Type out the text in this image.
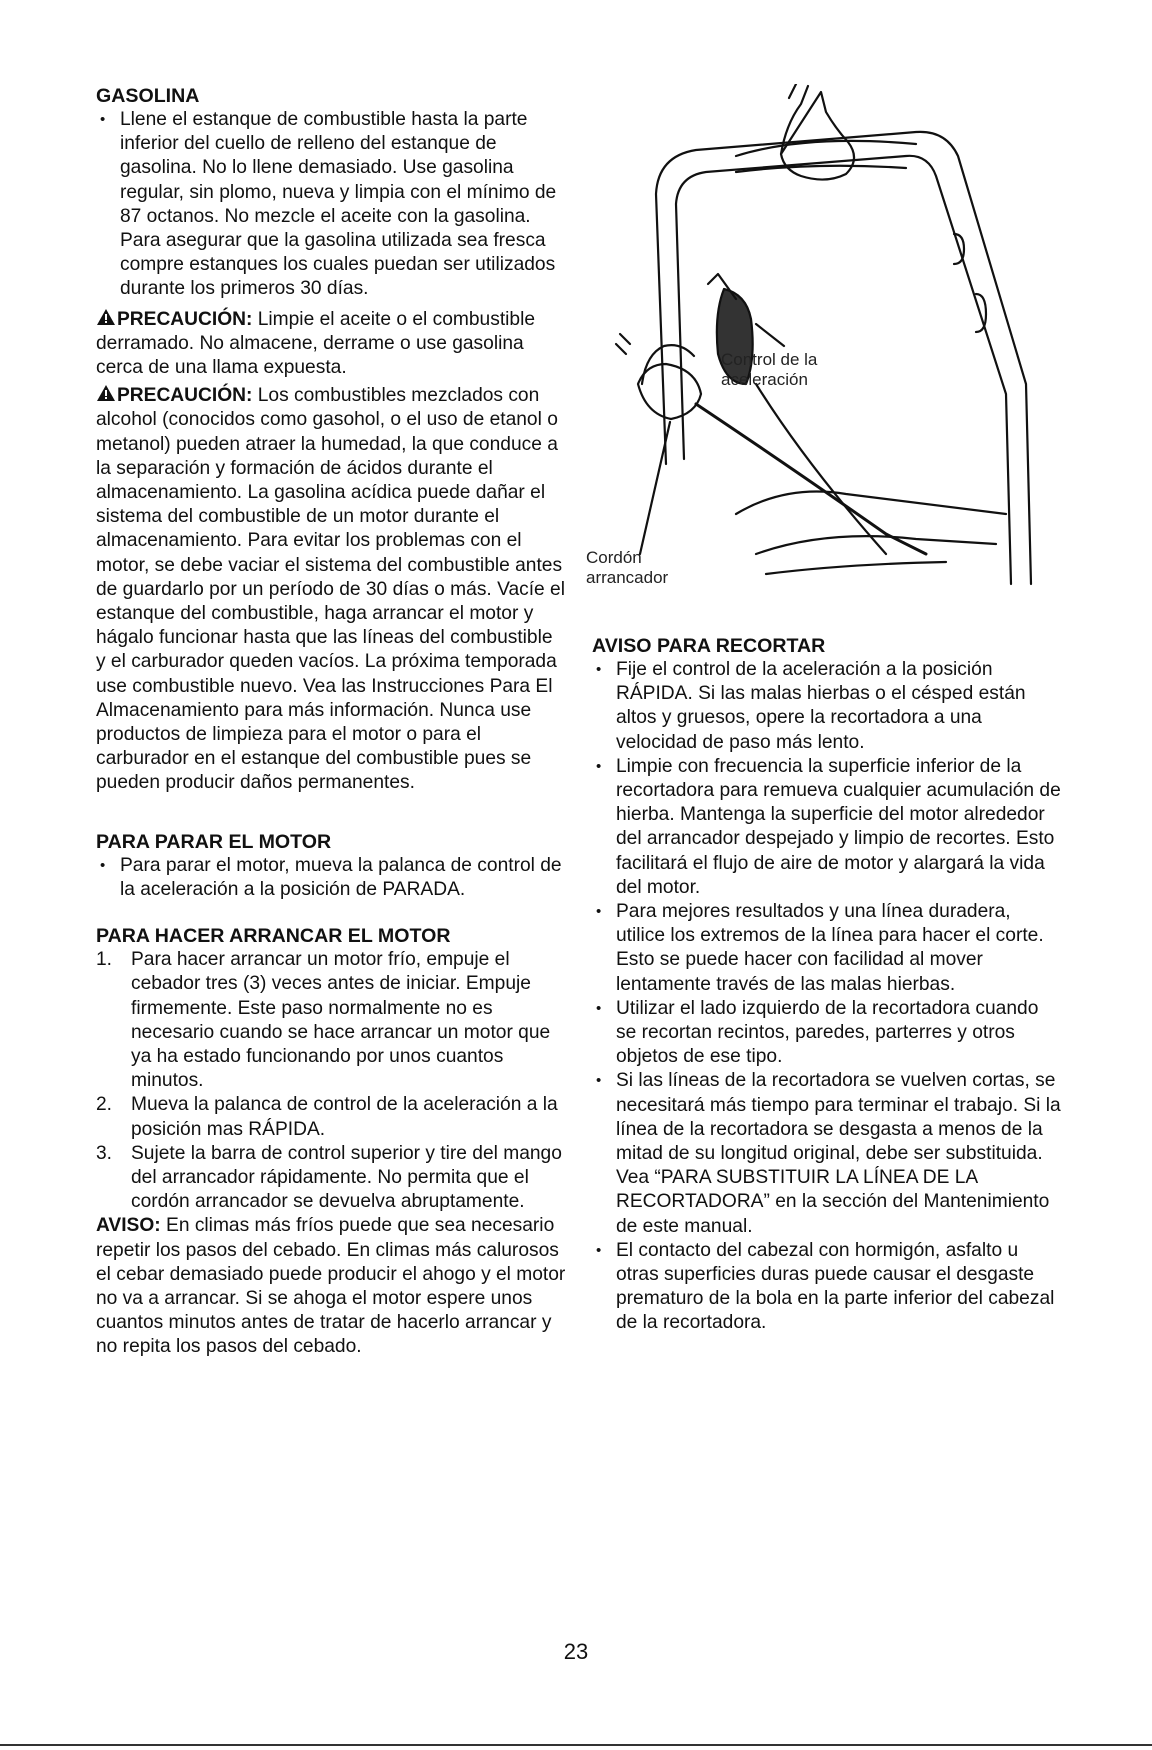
GASOLINA
• Llene el estanque de combustible hasta la parte inferior del cuello de relleno del estanque de gasolina. No lo llene demasiado. Use gasolina regular, sin plomo, nueva y limpia con el mínimo de 87 octanos. No mezcle el aceite con la gasolina. Para asegurar que la gasolina utilizada sea fresca compre estanques los cuales puedan ser utilizados durante los primeros 30 días.

PRECAUCIÓN: Limpie el aceite o el combustible derramado. No almacene, derrame o use gasolina cerca de una llama expuesta.

PRECAUCIÓN: Los combustibles mezclados con alcohol (conocidos como gasohol, o el uso de etanol o metanol) pueden atraer la humedad, la que conduce a la separación y formación de ácidos durante el almacenamiento. La gasolina acídica puede dañar el sistema del combustible de un motor durante el almacenamiento. Para evitar los problemas con el motor, se debe vaciar el sistema del combustible antes de guardarlo por un período de 30 días o más. Vacíe el estanque del combustible, haga arrancar el motor y hágalo funcionar hasta que las líneas del combustible y el carburador queden vacíos. La próxima temporada use combustible nuevo. Vea las Instrucciones Para El Almacenamiento para más información. Nunca use productos de limpieza para el motor o para el carburador en el estanque del combustible pues se pueden producir daños permanentes.

PARA PARAR EL MOTOR
• Para parar el motor, mueva la palanca de control de la aceleración a la posición de PARADA.
PARA HACER ARRANCAR EL MOTOR
1. Para hacer arrancar un motor frío, empuje el cebador tres (3) veces antes de iniciar. Empuje firmemente. Este paso normalmente no es necesario cuando se hace arrancar un motor que ya ha estado funcionando por unos cuantos minutos.
2. Mueva la palanca de control de la aceleración a la posición mas RÁPIDA.
3. Sujete la barra de control superior y tire del mango del arrancador rápidamente. No permita que el cordón arrancador se devuelva abruptamente.

AVISO: En climas más fríos puede que sea necesario repetir los pasos del cebado. En climas más calurosos el cebar demasiado puede producir el ahogo y el motor no va a arrancar. Si se ahoga el motor espere unos cuantos minutos antes de tratar de hacerlo arrancar y no repita los pasos del cebado.

Control de la
aceleración
Cordón
arrancador
AVISO PARA RECORTAR
• Fije el control de la aceleración a la posición RÁPIDA. Si las malas hierbas o el césped están altos y gruesos, opere la recortadora a una velocidad de paso más lento.
• Limpie con frecuencia la superficie inferior de la recortadora para remueva cualquier acumulación de hierba. Mantenga la superficie del motor alrededor del arrancador despejado y limpio de recortes. Esto facilitará el flujo de aire de motor y alargará la vida del motor.
• Para mejores resultados y una línea duradera, utilice los extremos de la línea para hacer el corte. Esto se puede hacer con facilidad al mover lentamente través de las malas hierbas.
• Utilizar el lado izquierdo de la recortadora cuando se recortan recintos, paredes, parterres y otros objetos de ese tipo.
• Si las líneas de la recortadora se vuelven cortas, se necesitará más tiempo para terminar el trabajo. Si la línea de la recortadora se desgasta a menos de la mitad de su longitud original, debe ser substituida. Vea “PARA SUBSTITUIR LA LÍNEA DE LA RECORTADORA” en la sección del Mantenimiento de este manual.
• El contacto del cabezal con hormigón, asfalto u otras superficies duras puede causar el desgaste prematuro de la bola en la parte inferior del cabezal de la recortadora.
23
